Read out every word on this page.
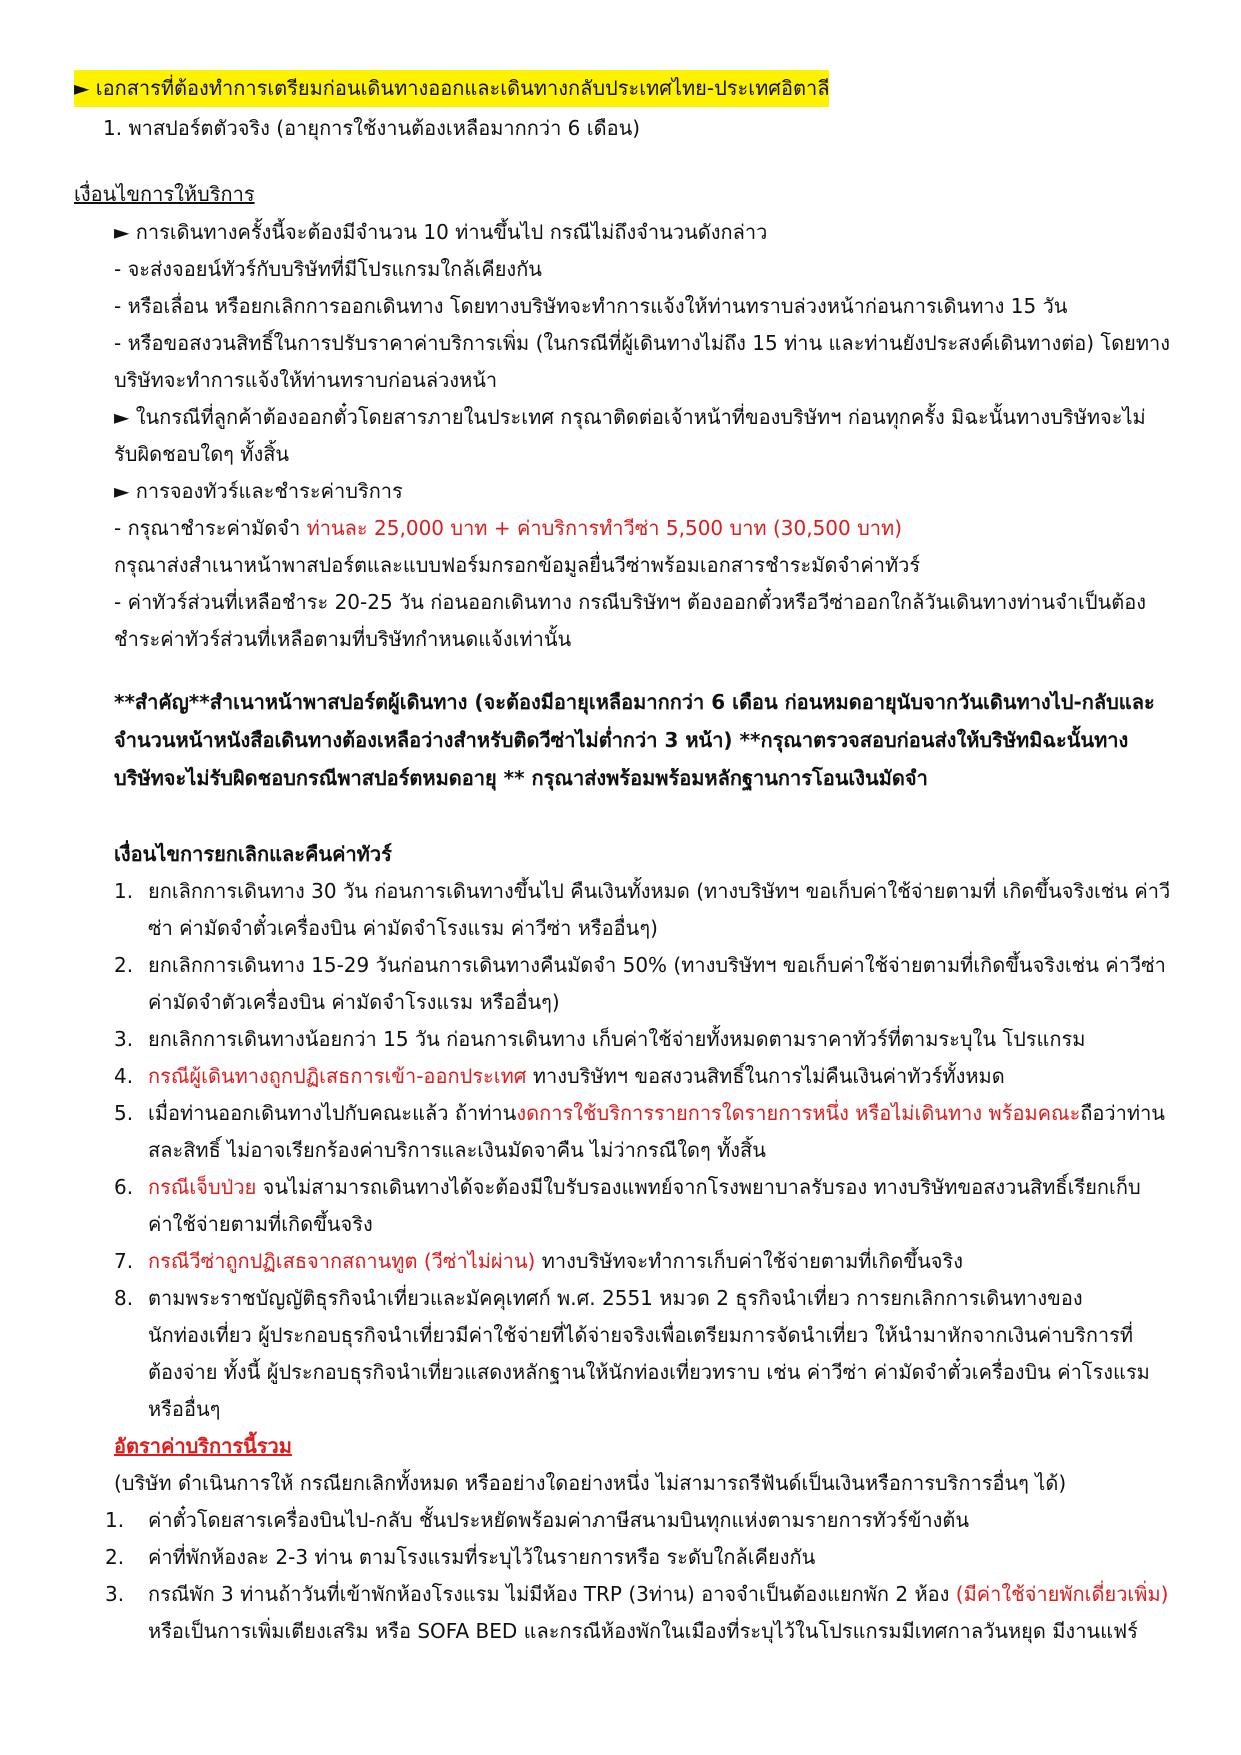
► เอกสารที่ต้องทำการเตรียมก่อนเดินทางออกและเดินทางกลับประเทศไทย-ประเทศอิตาลี
1. พาสปอร์ตตัวจริง (อายุการใช้งานต้องเหลือมากกว่า 6 เดือน)
เงื่อนไขการให้บริการ
► การเดินทางครั้งนี้จะต้องมีจำนวน 10 ท่านขึ้นไป กรณีไม่ถึงจำนวนดังกล่าว
- จะส่งจอยน์ทัวร์กับบริษัทที่มีโปรแกรมใกล้เคียงกัน
- หรือเลื่อน หรือยกเลิกการออกเดินทาง โดยทางบริษัทจะทำการแจ้งให้ท่านทราบล่วงหน้าก่อนการเดินทาง 15 วัน
- หรือขอสงวนสิทธิ์ในการปรับราคาค่าบริการเพิ่ม (ในกรณีที่ผู้เดินทางไม่ถึง 15 ท่าน และท่านยังประสงค์เดินทางต่อ) โดยทาง
บริษัทจะทำการแจ้งให้ท่านทราบก่อนล่วงหน้า
► ในกรณีที่ลูกค้าต้องออกตั๋วโดยสารภายในประเทศ กรุณาติดต่อเจ้าหน้าที่ของบริษัทฯ ก่อนทุกครั้ง มิฉะนั้นทางบริษัทจะไม่
รับผิดชอบใดๆ ทั้งสิ้น
► การจองทัวร์และชำระค่าบริการ
- กรุณาชำระค่ามัดจำ ท่านละ 25,000 บาท + ค่าบริการทำวีซ่า 5,500 บาท (30,500 บาท)
กรุณาส่งสำเนาหน้าพาสปอร์ตและแบบฟอร์มกรอกข้อมูลยื่นวีซ่าพร้อมเอกสารชำระมัดจำค่าทัวร์
- ค่าทัวร์ส่วนที่เหลือชำระ 20-25 วัน ก่อนออกเดินทาง กรณีบริษัทฯ ต้องออกตั๋วหรือวีซ่าออกใกล้วันเดินทางท่านจำเป็นต้อง
ชำระค่าทัวร์ส่วนที่เหลือตามที่บริษัทกำหนดแจ้งเท่านั้น
**สำคัญ**สำเนาหน้าพาสปอร์ตผู้เดินทาง (จะต้องมีอายุเหลือมากกว่า 6 เดือน ก่อนหมดอายุนับจากวันเดินทางไป-กลับและ
จำนวนหน้าหนังสือเดินทางต้องเหลือว่างสำหรับติดวีซ่าไม่ต่ำกว่า 3 หน้า) **กรุณาตรวจสอบก่อนส่งให้บริษัทมิฉะนั้นทาง
บริษัทจะไม่รับผิดชอบกรณีพาสปอร์ตหมดอายุ ** กรุณาส่งพร้อมพร้อมหลักฐานการโอนเงินมัดจำ
เงื่อนไขการยกเลิกและคืนค่าทัวร์
1. ยกเลิกการเดินทาง 30 วัน ก่อนการเดินทางขึ้นไป คืนเงินทั้งหมด (ทางบริษัทฯ ขอเก็บค่าใช้จ่ายตามที่ เกิดขึ้นจริงเช่น ค่าวี
ซ่า ค่ามัดจำตั๋วเครื่องบิน ค่ามัดจำโรงแรม ค่าวีซ่า หรืออื่นๆ)
2. ยกเลิกการเดินทาง 15-29 วันก่อนการเดินทางคืนมัดจำ 50% (ทางบริษัทฯ ขอเก็บค่าใช้จ่ายตามที่เกิดขึ้นจริงเช่น ค่าวีซ่า
ค่ามัดจำตัวเครื่องบิน ค่ามัดจำโรงแรม หรืออื่นๆ)
3. ยกเลิกการเดินทางน้อยกว่า 15 วัน ก่อนการเดินทาง เก็บค่าใช้จ่ายทั้งหมดตามราคาทัวร์ที่ตามระบุใน โปรแกรม
4. กรณีผู้เดินทางถูกปฏิเสธการเข้า-ออกประเทศ ทางบริษัทฯ ขอสงวนสิทธิ์ในการไม่คืนเงินค่าทัวร์ทั้งหมด
5. เมื่อท่านออกเดินทางไปกับคณะแล้ว ถ้าท่านงดการใช้บริการรายการใดรายการหนึ่ง หรือไม่เดินทาง พร้อมคณะถือว่าท่าน
สละสิทธิ์ ไม่อาจเรียกร้องค่าบริการและเงินมัดจาคืน ไม่ว่ากรณีใดๆ ทั้งสิ้น
6. กรณีเจ็บป่วย จนไม่สามารถเดินทางได้จะต้องมีใบรับรองแพทย์จากโรงพยาบาลรับรอง ทางบริษัทขอสงวนสิทธิ์เรียกเก็บ
ค่าใช้จ่ายตามที่เกิดขึ้นจริง
7. กรณีวีซ่าถูกปฏิเสธจากสถานทูต (วีซ่าไม่ผ่าน) ทางบริษัทจะทำการเก็บค่าใช้จ่ายตามที่เกิดขึ้นจริง
8. ตามพระราชบัญญัติธุรกิจนำเที่ยวและมัคคุเทศก์ พ.ศ. 2551 หมวด 2 ธุรกิจนำเที่ยว การยกเลิกการเดินทางของ
นักท่องเที่ยว ผู้ประกอบธุรกิจนำเที่ยวมีค่าใช้จ่ายที่ได้จ่ายจริงเพื่อเตรียมการจัดนำเที่ยว ให้นำมาหักจากเงินค่าบริการที่
ต้องจ่าย ทั้งนี้ ผู้ประกอบธุรกิจนำเที่ยวแสดงหลักฐานให้นักท่องเที่ยวทราบ เช่น ค่าวีซ่า ค่ามัดจำตั๋วเครื่องบิน ค่าโรงแรม
หรืออื่นๆ
อัตราค่าบริการนี้รวม
(บริษัท ดำเนินการให้ กรณียกเลิกทั้งหมด หรืออย่างใดอย่างหนึ่ง ไม่สามารถรีฟันด์เป็นเงินหรือการบริการอื่นๆ ได้)
1. ค่าตั๋วโดยสารเครื่องบินไป-กลับ ชั้นประหยัดพร้อมค่าภาษีสนามบินทุกแห่งตามรายการทัวร์ข้างต้น
2. ค่าที่พักห้องละ 2-3 ท่าน ตามโรงแรมที่ระบุไว้ในรายการหรือ ระดับใกล้เคียงกัน
3. กรณีพัก 3 ท่านถ้าวันที่เข้าพักห้องโรงแรม ไม่มีห้อง TRP (3ท่าน) อาจจำเป็นต้องแยกพัก 2 ห้อง (มีค่าใช้จ่ายพักเดี่ยวเพิ่ม)
หรือเป็นการเพิ่มเตียงเสริม หรือ SOFA BED และกรณีห้องพักในเมืองที่ระบุไว้ในโปรแกรมมีเทศกาลวันหยุด มีงานแฟร์
